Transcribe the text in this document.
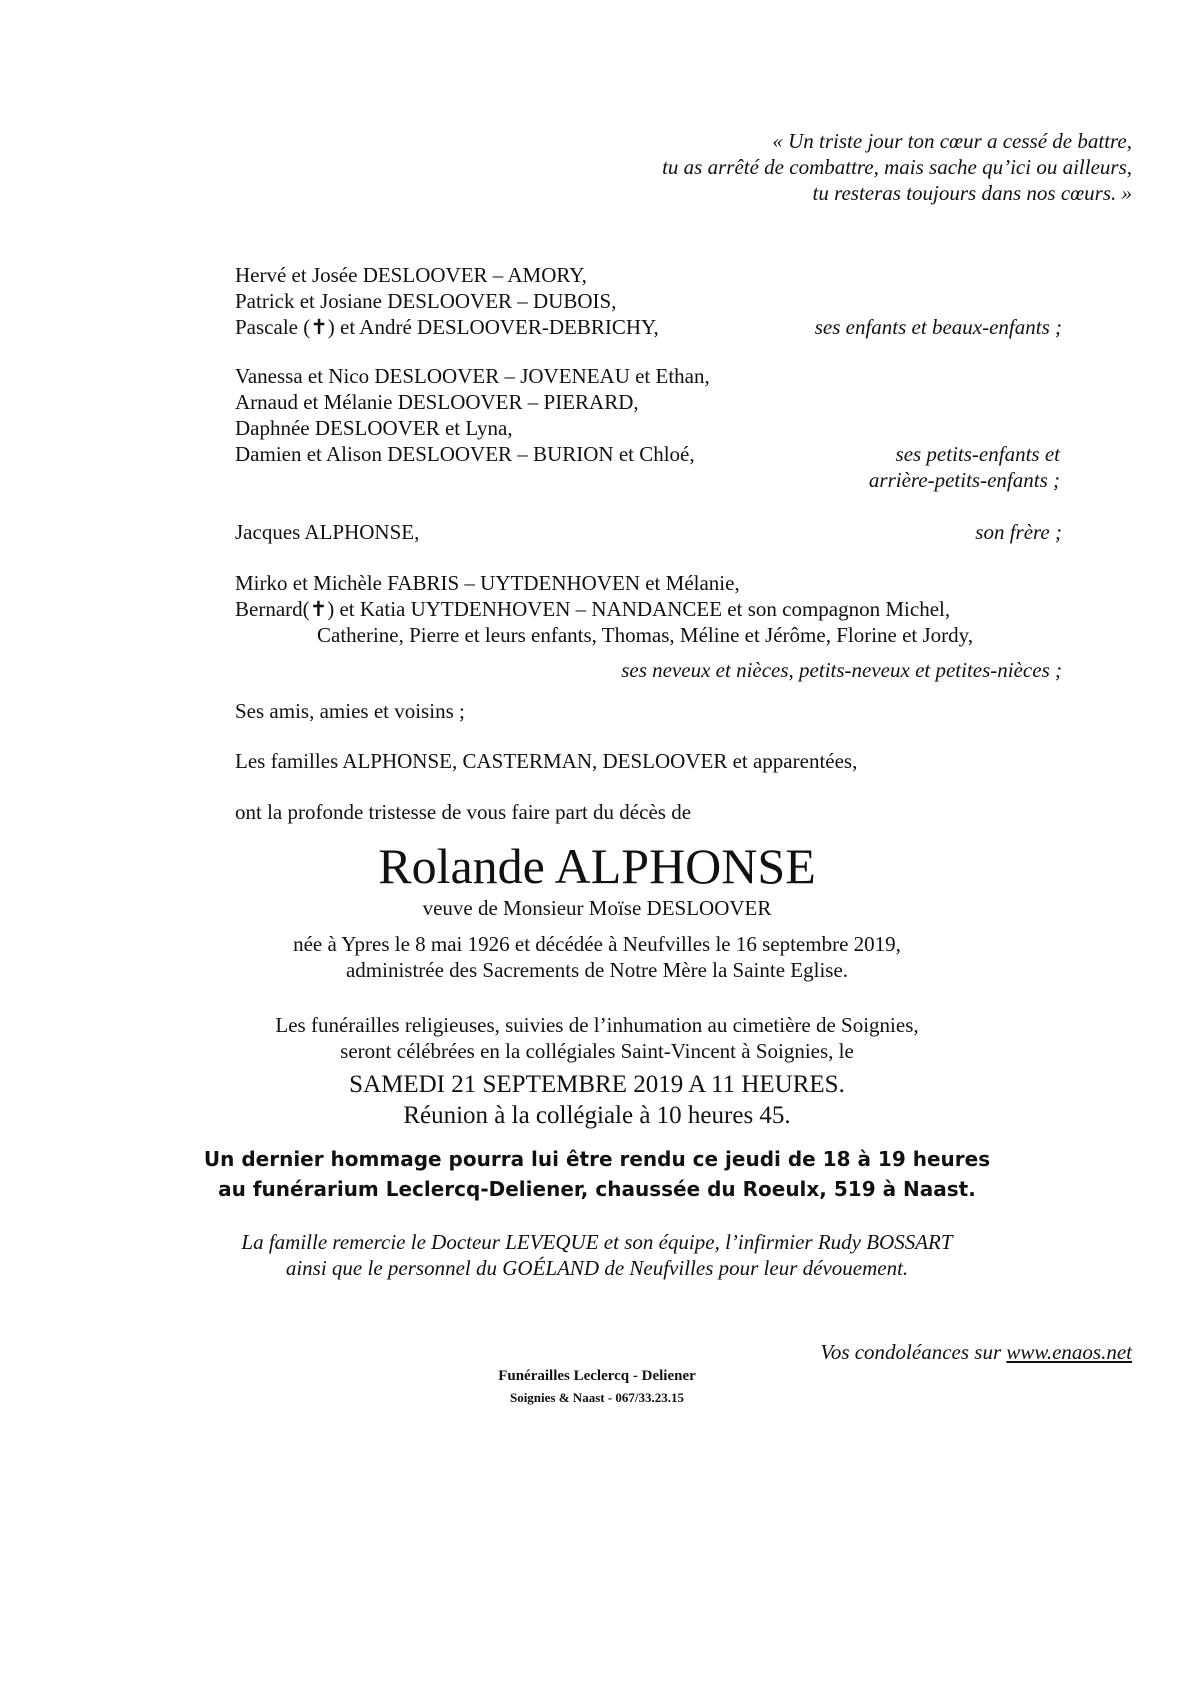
« Un triste jour ton cœur a cessé de battre,
tu as arrêté de combattre, mais sache qu’ici ou ailleurs,
tu resteras toujours dans nos cœurs. »
Hervé et Josée DESLOOVER – AMORY,
Patrick et Josiane DESLOOVER – DUBOIS,
Pascale (✝) et André DESLOOVER-DEBRICHY,	ses enfants et beaux-enfants ;
Vanessa et Nico DESLOOVER – JOVENEAU et Ethan,
Arnaud et Mélanie DESLOOVER – PIERARD,
Daphnée DESLOOVER et Lyna,
Damien et Alison DESLOOVER – BURION et Chloé,	ses petits-enfants et
arrière-petits-enfants ;
Jacques ALPHONSE,	son frère ;
Mirko et Michèle FABRIS – UYTDENHOVEN et Mélanie,
Bernard(✝) et Katia UYTDENHOVEN – NANDANCEE et son compagnon Michel,
Catherine, Pierre et leurs enfants, Thomas, Méline et Jérôme, Florine et Jordy,
ses neveux et nièces, petits-neveux et petites-nièces ;
Ses amis, amies et voisins ;
Les familles ALPHONSE, CASTERMAN, DESLOOVER et apparentées,
ont la profonde tristesse de vous faire part du décès de
Rolande ALPHONSE
veuve de Monsieur Moïse DESLOOVER
née à Ypres le 8 mai 1926 et décédée à Neufvilles le 16 septembre 2019,
administrée des Sacrements de Notre Mère la Sainte Eglise.
Les funérailles religieuses, suivies de l’inhumation au cimetière de Soignies,
seront célébrées en la collégiales Saint-Vincent à Soignies, le
SAMEDI 21 SEPTEMBRE 2019 A 11 HEURES.
Réunion à la collégiale à 10 heures 45.
Un dernier hommage pourra lui être rendu ce jeudi de 18 à 19 heures
au funérarium Leclercq-Deliener, chaussée du Roeulx, 519 à Naast.
La famille remercie le Docteur LEVEQUE et son équipe, l’infirmier Rudy BOSSART
ainsi que le personnel du GOÉLAND de Neufvilles pour leur dévouement.
Vos condoléances sur www.enaos.net
Funérailles Leclercq - Deliener
Soignies & Naast - 067/33.23.15
